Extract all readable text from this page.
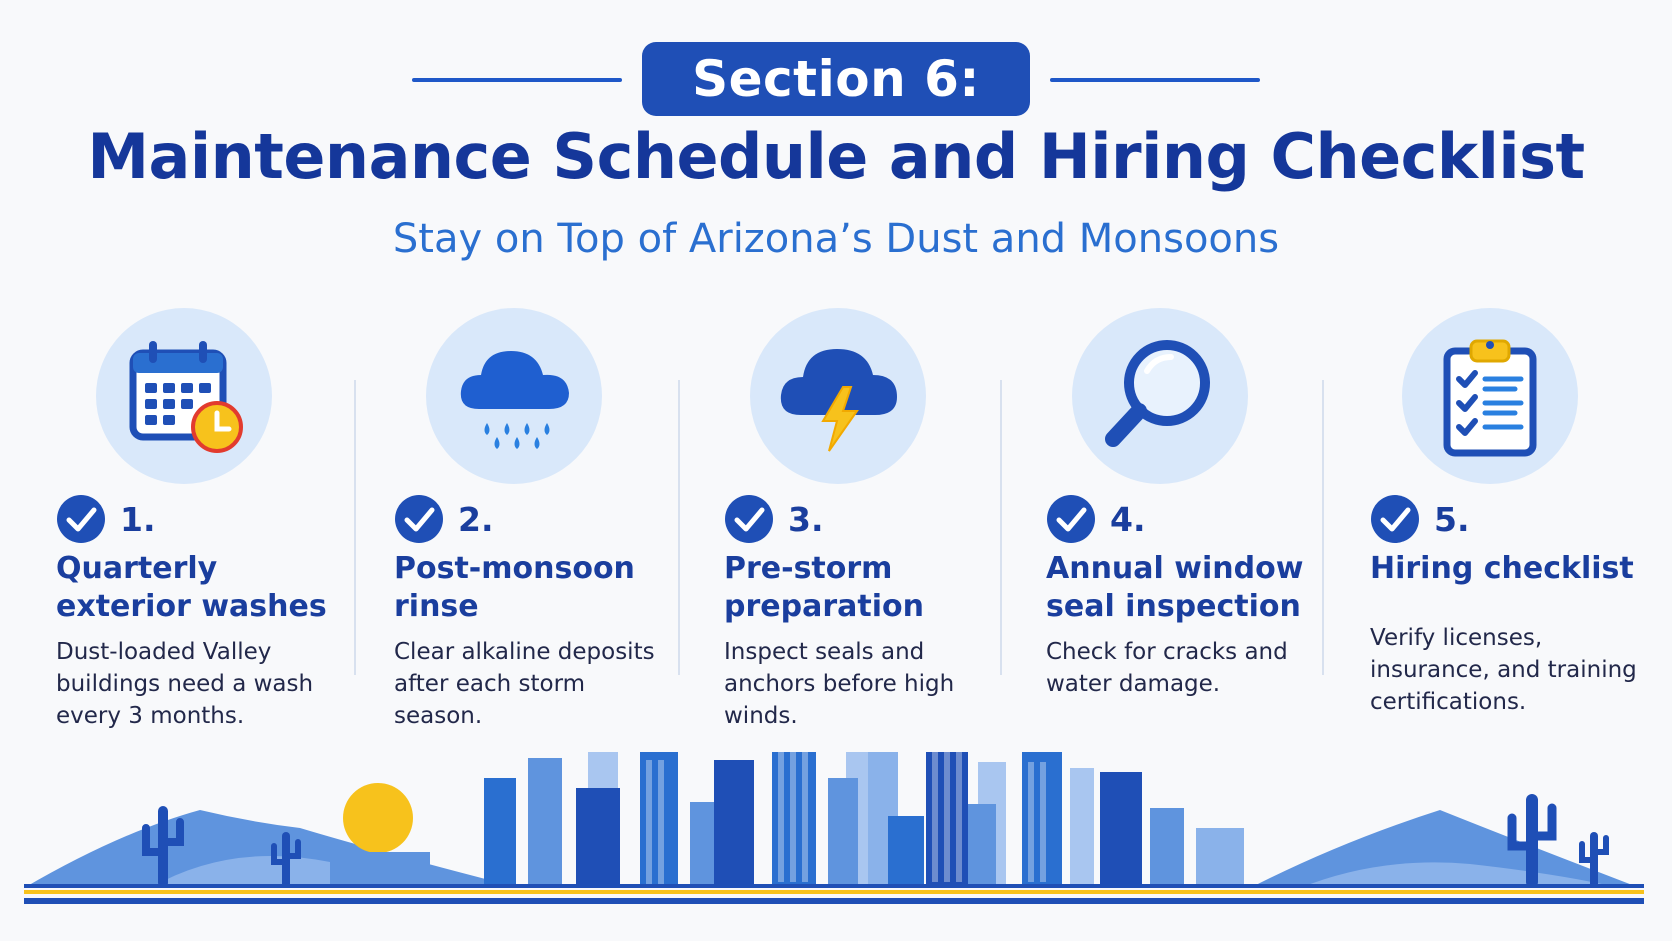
Section 6:
Maintenance Schedule and Hiring Checklist
Stay on Top of Arizona’s Dust and Monsoons
1.
Quarterly exterior washes
Dust-loaded Valley buildings need a wash every 3 months.
2.
Post-monsoon rinse
Clear alkaline deposits after each storm season.
3.
Pre-storm preparation
Inspect seals and anchors before high winds.
4.
Annual window seal inspection
Check for cracks and water damage.
5.
Hiring checklist
Verify licenses, insurance, and training certifications.
